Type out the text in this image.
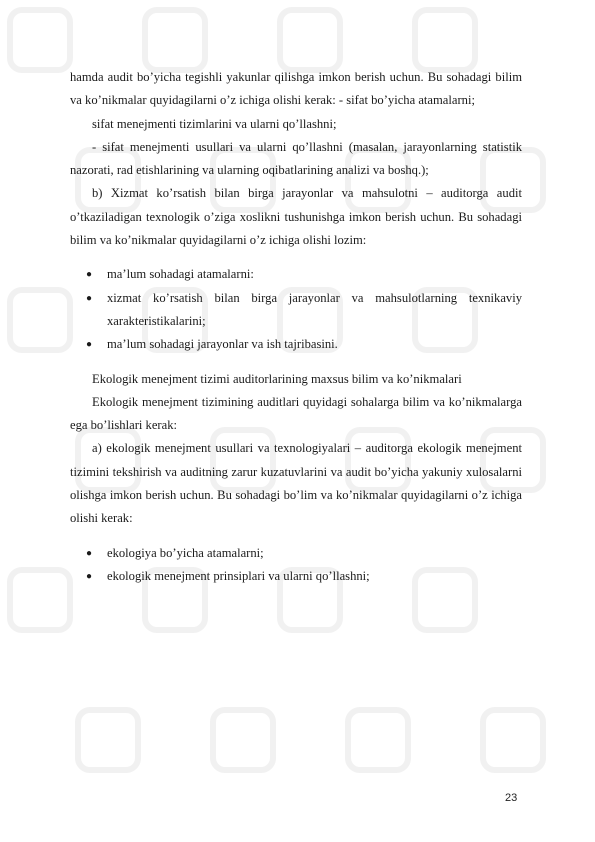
hamda audit bo’yicha tegishli yakunlar qilishga imkon berish uchun. Bu sohadagi bilim va ko’nikmalar quyidagilarni o’z ichiga olishi kerak: - sifat bo’yicha atamalarni;

sifat menejmenti tizimlarini va ularni qo’llashni;

- sifat menejmenti usullari va ularni qo’llashni (masalan, jarayonlarning statistik nazorati, rad etishlarining va ularning oqibatlarining analizi va boshq.);

b) Xizmat ko’rsatish bilan birga jarayonlar va mahsulotni – auditorga audit o’tkaziladigan texnologik o’ziga xoslikni tushunishga imkon berish uchun. Bu sohadagi bilim va ko’nikmalar quyidagilarni o’z ichiga olishi lozim:

● ma’lum sohadagi atamalarni:
● xizmat ko’rsatish bilan birga jarayonlar va mahsulotlarning texnikaviy xarakteristikalarini;
● ma’lum sohadagi jarayonlar va ish tajribasini.

Ekologik menejment tizimi auditorlarining maxsus bilim va ko’nikmalari

Ekologik menejment tizimining auditlari quyidagi sohalarga bilim va ko’nikmalarga ega bo’lishlari kerak:

a) ekologik menejment usullari va texnologiyalari – auditorga ekologik menejment tizimini tekshirish va auditning zarur kuzatuvlarini va audit bo’yicha yakuniy xulosalarni olishga imkon berish uchun. Bu sohadagi bo’lim va ko’nikmalar quyidagilarni o’z ichiga olishi kerak:

● ekologiya bo’yicha atamalarni;
● ekologik menejment prinsiplari va ularni qo’llashni;
23
